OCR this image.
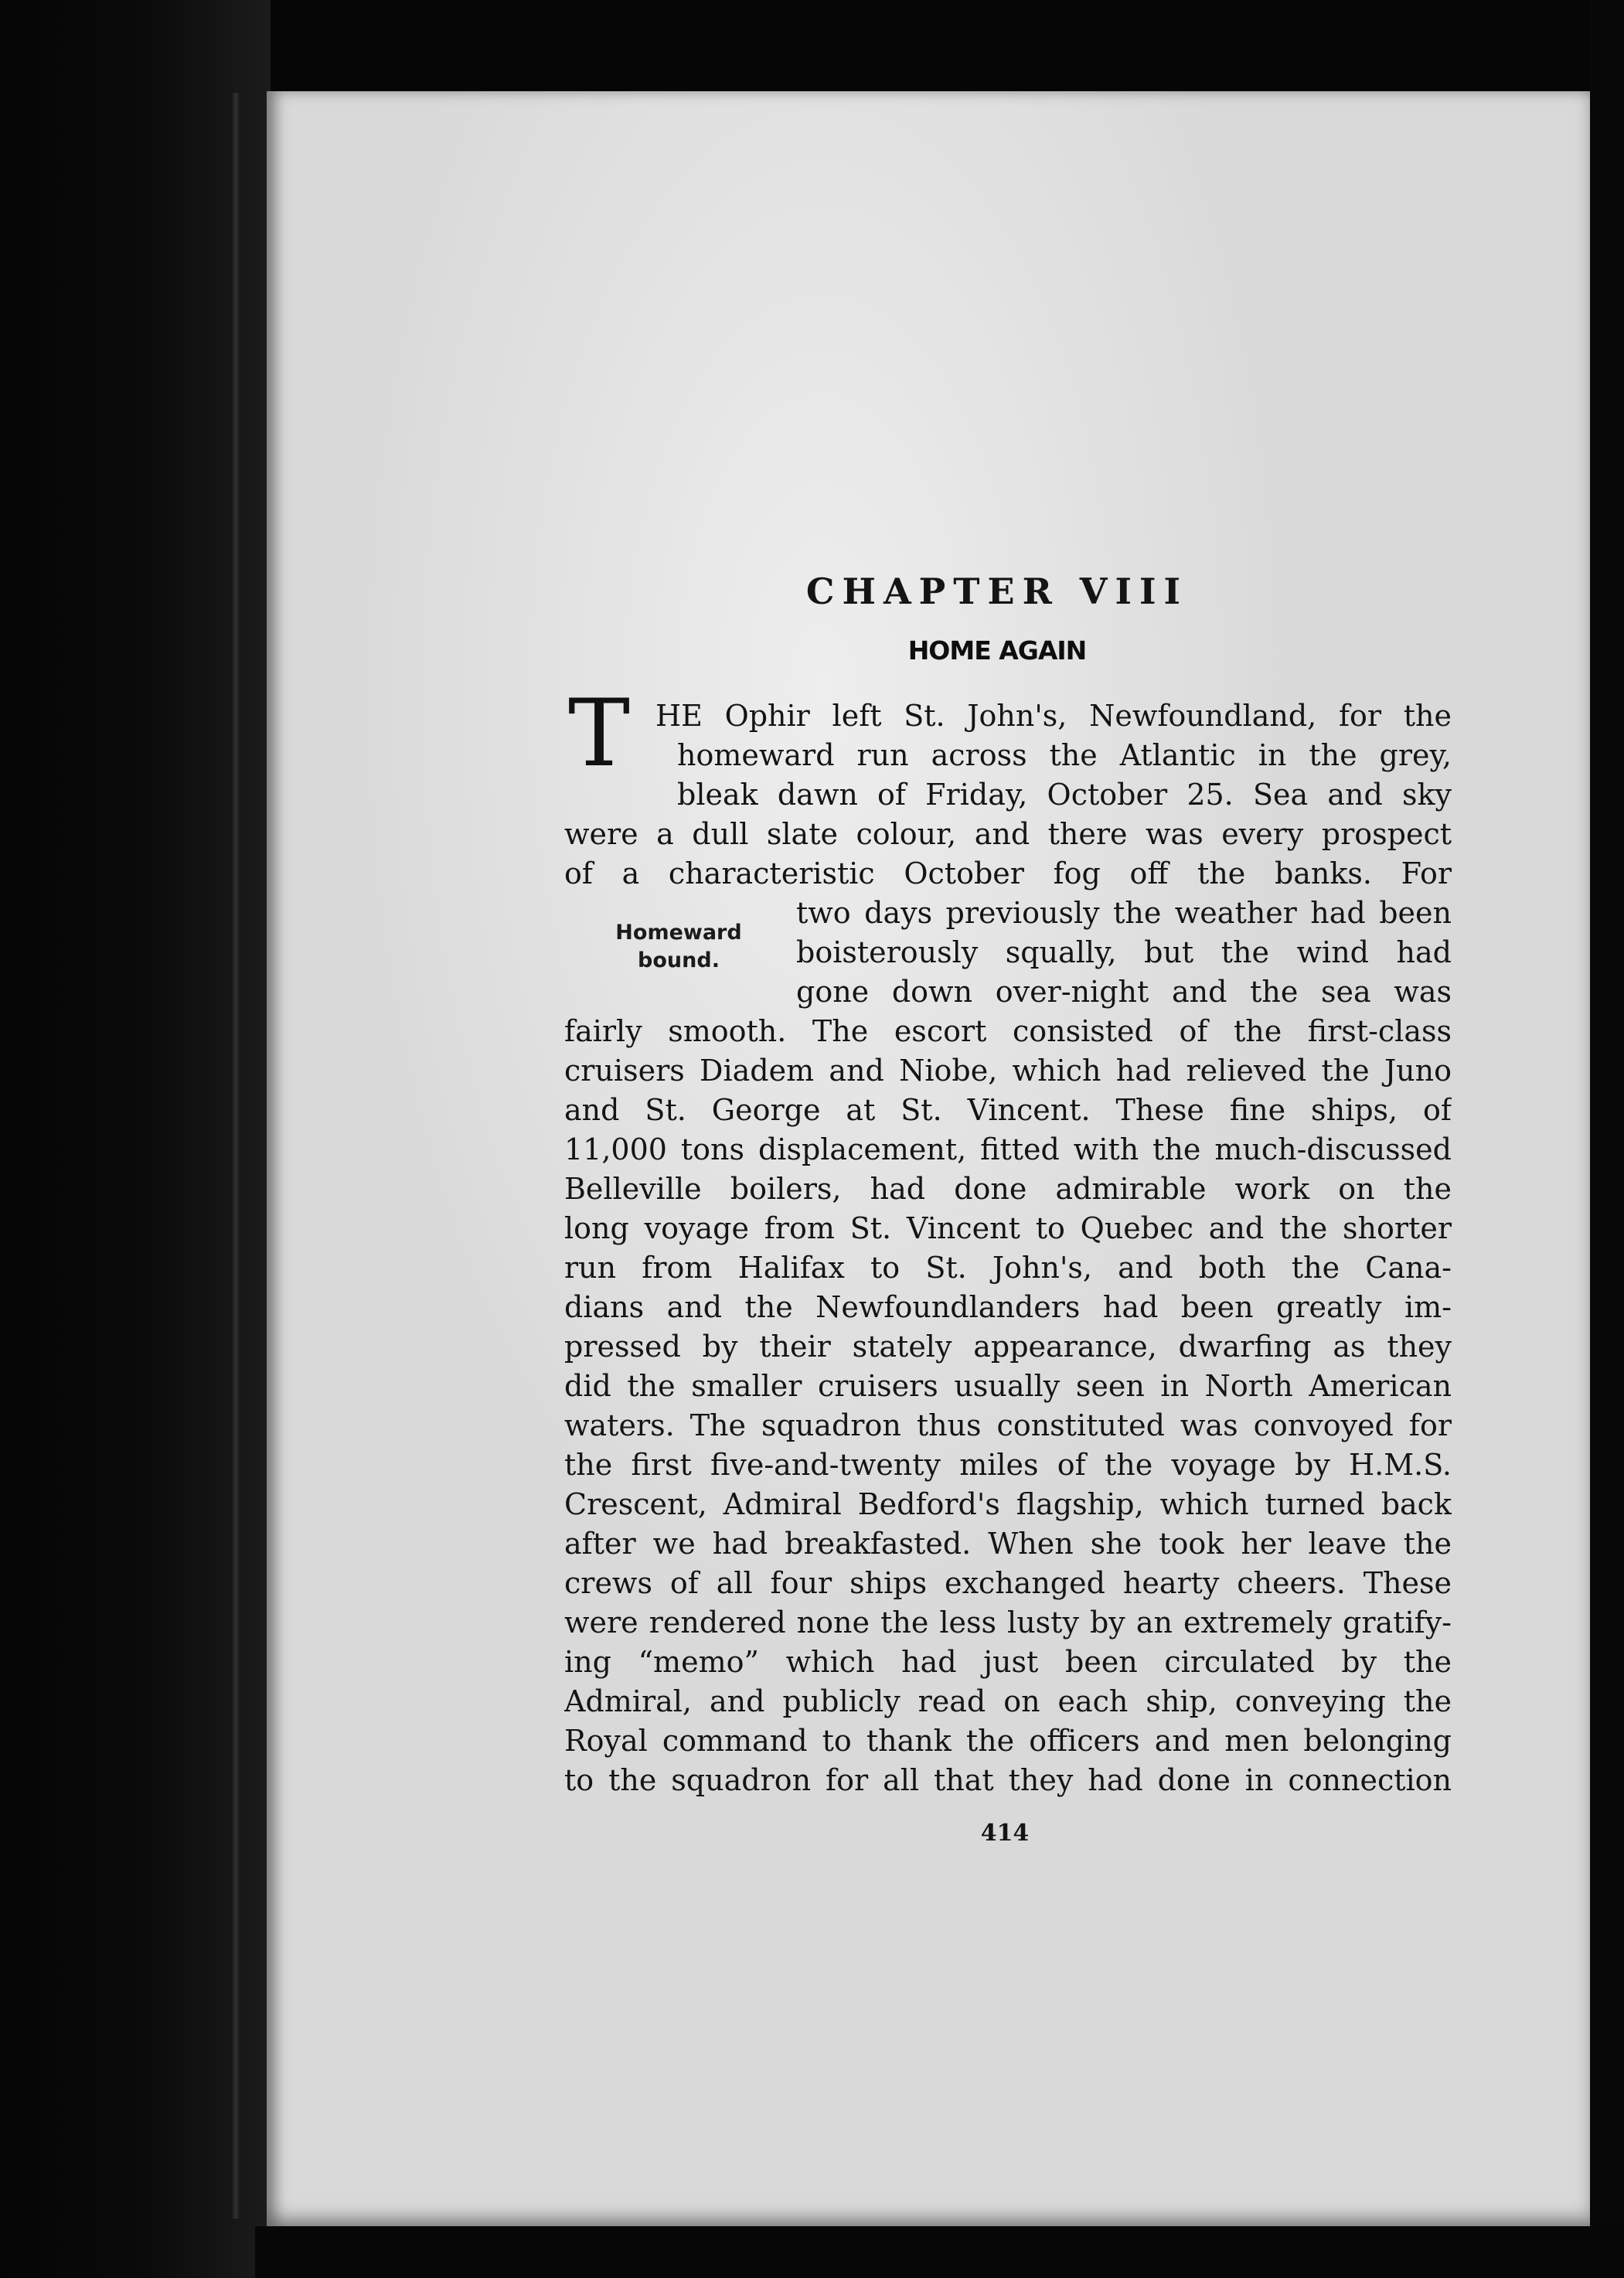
CHAPTER VIII
HOME AGAIN
T
Homeward
bound.
HE Ophir left St. John's, Newfoundland, for the
homeward run across the Atlantic in the grey,
bleak dawn of Friday, October 25. Sea and sky
were a dull slate colour, and there was every prospect
of a characteristic October fog off the banks. For
two days previously the weather had been
boisterously squally, but the wind had
gone down over-night and the sea was
fairly smooth. The escort consisted of the first-class
cruisers Diadem and Niobe, which had relieved the Juno
and St. George at St. Vincent. These fine ships, of
11,000 tons displacement, fitted with the much-discussed
Belleville boilers, had done admirable work on the
long voyage from St. Vincent to Quebec and the shorter
run from Halifax to St. John's, and both the Cana-
dians and the Newfoundlanders had been greatly im-
pressed by their stately appearance, dwarfing as they
did the smaller cruisers usually seen in North American
waters. The squadron thus constituted was convoyed for
the first five-and-twenty miles of the voyage by H.M.S.
Crescent, Admiral Bedford's flagship, which turned back
after we had breakfasted. When she took her leave the
crews of all four ships exchanged hearty cheers. These
were rendered none the less lusty by an extremely gratify-
ing “memo” which had just been circulated by the
Admiral, and publicly read on each ship, conveying the
Royal command to thank the officers and men belonging
to the squadron for all that they had done in connection
414
